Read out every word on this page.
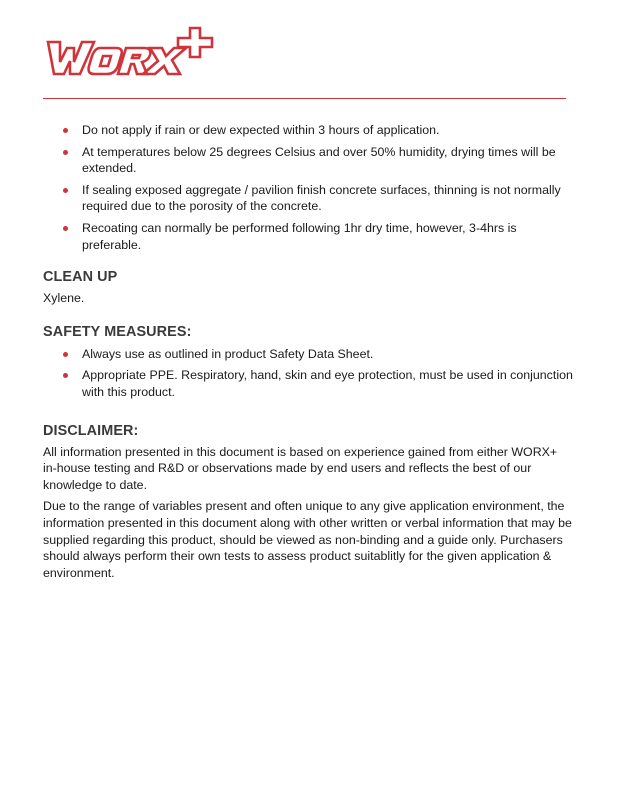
Do not apply if rain or dew expected within 3 hours of application.
At temperatures below 25 degrees Celsius and over 50% humidity, drying times will be extended.
If sealing exposed aggregate / pavilion finish concrete surfaces, thinning is not normally required due to the porosity of the concrete.
Recoating can normally be performed following 1hr dry time, however, 3-4hrs is preferable.
CLEAN UP

Xylene.

SAFETY MEASURES:
Always use as outlined in product Safety Data Sheet.
Appropriate PPE. Respiratory, hand, skin and eye protection, must be used in conjunction with this product.
DISCLAIMER:

All information presented in this document is based on experience gained from either WORX+ in-house testing and R&D or observations made by end users and reflects the best of our knowledge to date.

Due to the range of variables present and often unique to any give application environment, the information presented in this document along with other written or verbal information that may be supplied regarding this product, should be viewed as non-binding and a guide only. Purchasers should always perform their own tests to assess product suitablitly for the given application & environment.
